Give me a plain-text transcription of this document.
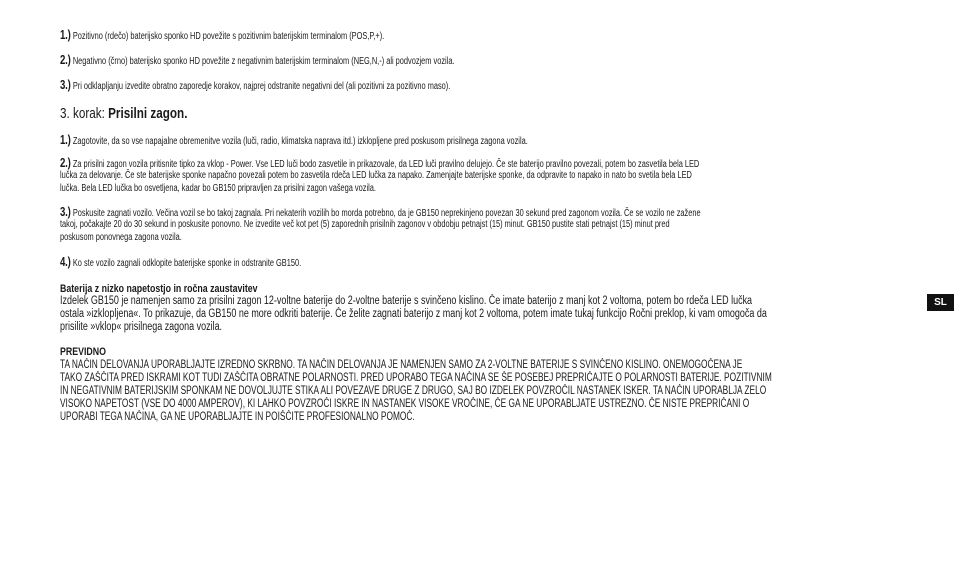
1.) Pozitivno (rdečo) baterijsko sponko HD povežite s pozitivnim baterijskim terminalom (POS,P,+).
2.) Negativno (črno) baterijsko sponko HD povežite z negativnim baterijskim terminalom (NEG,N,-) ali podvozjem vozila.
3.) Pri odklapljanju izvedite obratno zaporedje korakov, najprej odstranite negativni del (ali pozitivni za pozitivno maso).
3. korak: Prisilni zagon.
1.) Zagotovite, da so vse napajalne obremenitve vozila (luči, radio, klimatska naprava itd.) izklopljene pred poskusom prisilnega zagona vozila.
2.) Za prisilni zagon vozila pritisnite tipko za vklop - Power. Vse LED luči bodo zasvetile in prikazovale, da LED luči pravilno delujejo. Če ste baterijo pravilno povezali, potem bo zasvetila bela LED
lučka za delovanje. Če ste baterijske sponke napačno povezali potem bo zasvetila rdeča LED lučka za napako. Zamenjajte baterijske sponke, da odpravite to napako in nato bo svetila bela LED
lučka. Bela LED lučka bo osvetljena, kadar bo GB150 pripravljen za prisilni zagon vašega vozila.
3.) Poskusite zagnati vozilo. Večina vozil se bo takoj zagnala. Pri nekaterih vozilih bo morda potrebno, da je GB150 neprekinjeno povezan 30 sekund pred zagonom vozila. Če se vozilo ne zažene
takoj, počakajte 20 do 30 sekund in poskusite ponovno. Ne izvedite več kot pet (5) zaporednih prisilnih zagonov v obdobju petnajst (15) minut. GB150 pustite stati petnajst (15) minut pred
poskusom ponovnega zagona vozila.
4.) Ko ste vozilo zagnali odklopite baterijske sponke in odstranite GB150.
Baterija z nizko napetostjo in ročna zaustavitev
Izdelek GB150 je namenjen samo za prisilni zagon 12-voltne baterije do 2-voltne baterije s svinčeno kislino. Če imate baterijo z manj kot 2 voltoma, potem bo rdeča LED lučka
ostala »izklopljena«. To prikazuje, da GB150 ne more odkriti baterije. Če želite zagnati baterijo z manj kot 2 voltoma, potem imate tukaj funkcijo Ročni preklop, ki vam omogoča da
prisilite »vklop« prisilnega zagona vozila.
PREVIDNO
TA NAČIN DELOVANJA UPORABLJAJTE IZREDNO SKRBNO. TA NAČIN DELOVANJA JE NAMENJEN SAMO ZA 2-VOLTNE BATERIJE S SVINČENO KISLINO. ONEMOGOČENA JE
TAKO ZAŠČITA PRED ISKRAMI KOT TUDI ZAŠČITA OBRATNE POLARNOSTI. PRED UPORABO TEGA NAČINA SE ŠE POSEBEJ PREPRIČAJTE O POLARNOSTI BATERIJE. POZITIVNIM
IN NEGATIVNIM BATERIJSKIM SPONKAM NE DOVOLJUJTE STIKA ALI POVEZAVE DRUGE Z DRUGO, SAJ BO IZDELEK POVZROČIL NASTANEK ISKER. TA NAČIN UPORABLJA ZELO
VISOKO NAPETOST (VSE DO 4000 AMPEROV), KI LAHKO POVZROČI ISKRE IN NASTANEK VISOKE VROČINE, ČE GA NE UPORABLJATE USTREZNO. ČE NISTE PREPRIČANI O
UPORABI TEGA NAČINA, GA NE UPORABLJAJTE IN POIŠČITE PROFESIONALNO POMOČ.
SL
